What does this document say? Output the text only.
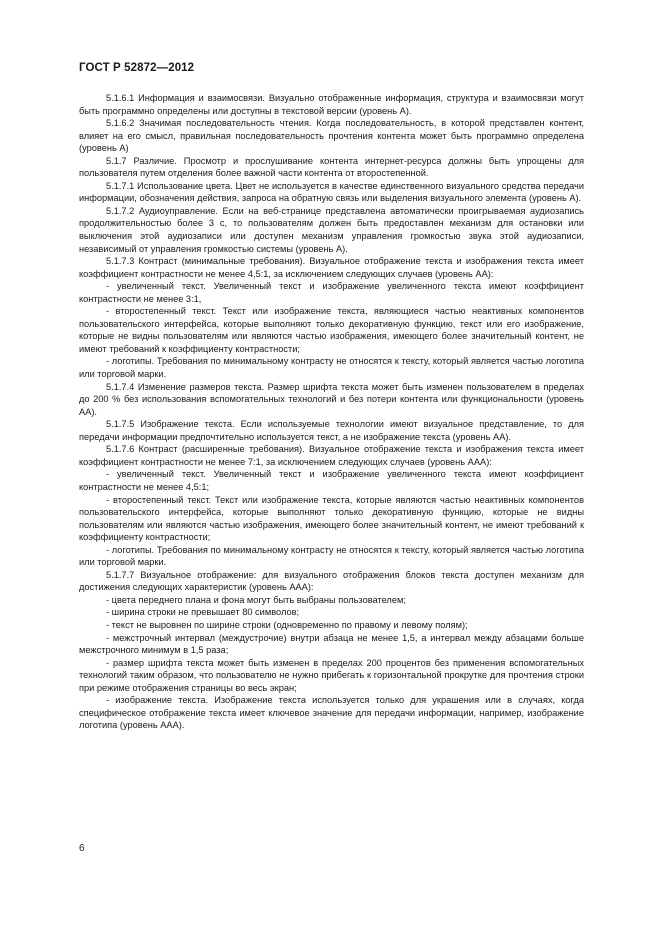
ГОСТ Р 52872—2012

5.1.6.1 Информация и взаимосвязи. Визуально отображенные информация, структура и взаимосвязи могут быть программно определены или доступны в текстовой версии (уровень А).

5.1.6.2 Значимая последовательность чтения. Когда последовательность, в которой представлен контент, влияет на его смысл, правильная последовательность прочтения контента может быть программно определена (уровень А)

5.1.7 Различие. Просмотр и прослушивание контента интернет-ресурса должны быть упрощены для пользователя путем отделения более важной части контента от второстепенной.

5.1.7.1 Использование цвета. Цвет не используется в качестве единственного визуального средства передачи информации, обозначения действия, запроса на обратную связь или выделения визуального элемента (уровень А).

5.1.7.2 Аудиоуправление. Если на веб-странице представлена автоматически проигрываемая аудиозапись продолжительностью более 3 с, то пользователям должен быть предоставлен механизм для остановки или выключения этой аудиозаписи или доступен механизм управления громкостью звука этой аудиозаписи, независимый от управления громкостью системы (уровень А).

5.1.7.3 Контраст (минимальные требования). Визуальное отображение текста и изображения текста имеет коэффициент контрастности не менее 4,5:1, за исключением следующих случаев (уровень АА):

- увеличенный текст. Увеличенный текст и изображение увеличенного текста имеют коэффициент контрастности не менее 3:1,

- второстепенный текст. Текст или изображение текста, являющиеся частью неактивных компонентов пользовательского интерфейса, которые выполняют только декоративную функцию, текст или его изображение, которые не видны пользователям или являются частью изображения, имеющего более значительный контент, не имеют требований к коэффициенту контрастности;

- логотипы. Требования по минимальному контрасту не относятся к тексту, который является частью логотипа или торговой марки.

5.1.7.4 Изменение размеров текста. Размер шрифта текста может быть изменен пользователем в пределах до 200 % без использования вспомогательных технологий и без потери контента или функциональности (уровень АА).

5.1.7.5 Изображение текста. Если используемые технологии имеют визуальное представление, то для передачи информации предпочтительно используется текст, а не изображение текста (уровень АА).

5.1.7.6 Контраст (расширенные требования). Визуальное отображение текста и изображения текста имеет коэффициент контрастности не менее 7:1, за исключением следующих случаев (уровень ААА):

- увеличенный текст. Увеличенный текст и изображение увеличенного текста имеют коэффициент контрастности не менее 4,5:1;

- второстепенный текст. Текст или изображение текста, которые являются частью неактивных компонентов пользовательского интерфейса, которые выполняют только декоративную функцию, которые не видны пользователям или являются частью изображения, имеющего более значительный контент, не имеют требований к коэффициенту контрастности;

- логотипы. Требования по минимальному контрасту не относятся к тексту, который является частью логотипа или торговой марки.

5.1.7.7 Визуальное отображение: для визуального отображения блоков текста доступен механизм для достижения следующих характеристик (уровень ААА):

- цвета переднего плана и фона могут быть выбраны пользователем;

- ширина строки не превышает 80 символов;

- текст не выровнен по ширине строки (одновременно по правому и левому полям);

- межстрочный интервал (междустрочие) внутри абзаца не менее 1,5, а интервал между абзацами больше межстрочного минимум в 1,5 раза;

- размер шрифта текста может быть изменен в пределах 200 процентов без применения вспомогательных технологий таким образом, что пользователю не нужно прибегать к горизонтальной прокрутке для прочтения строки при режиме отображения страницы во весь экран;

- изображение текста. Изображение текста используется только для украшения или в случаях, когда специфическое отображение текста имеет ключевое значение для передачи информации, например, изображение логотипа (уровень ААА).

6
